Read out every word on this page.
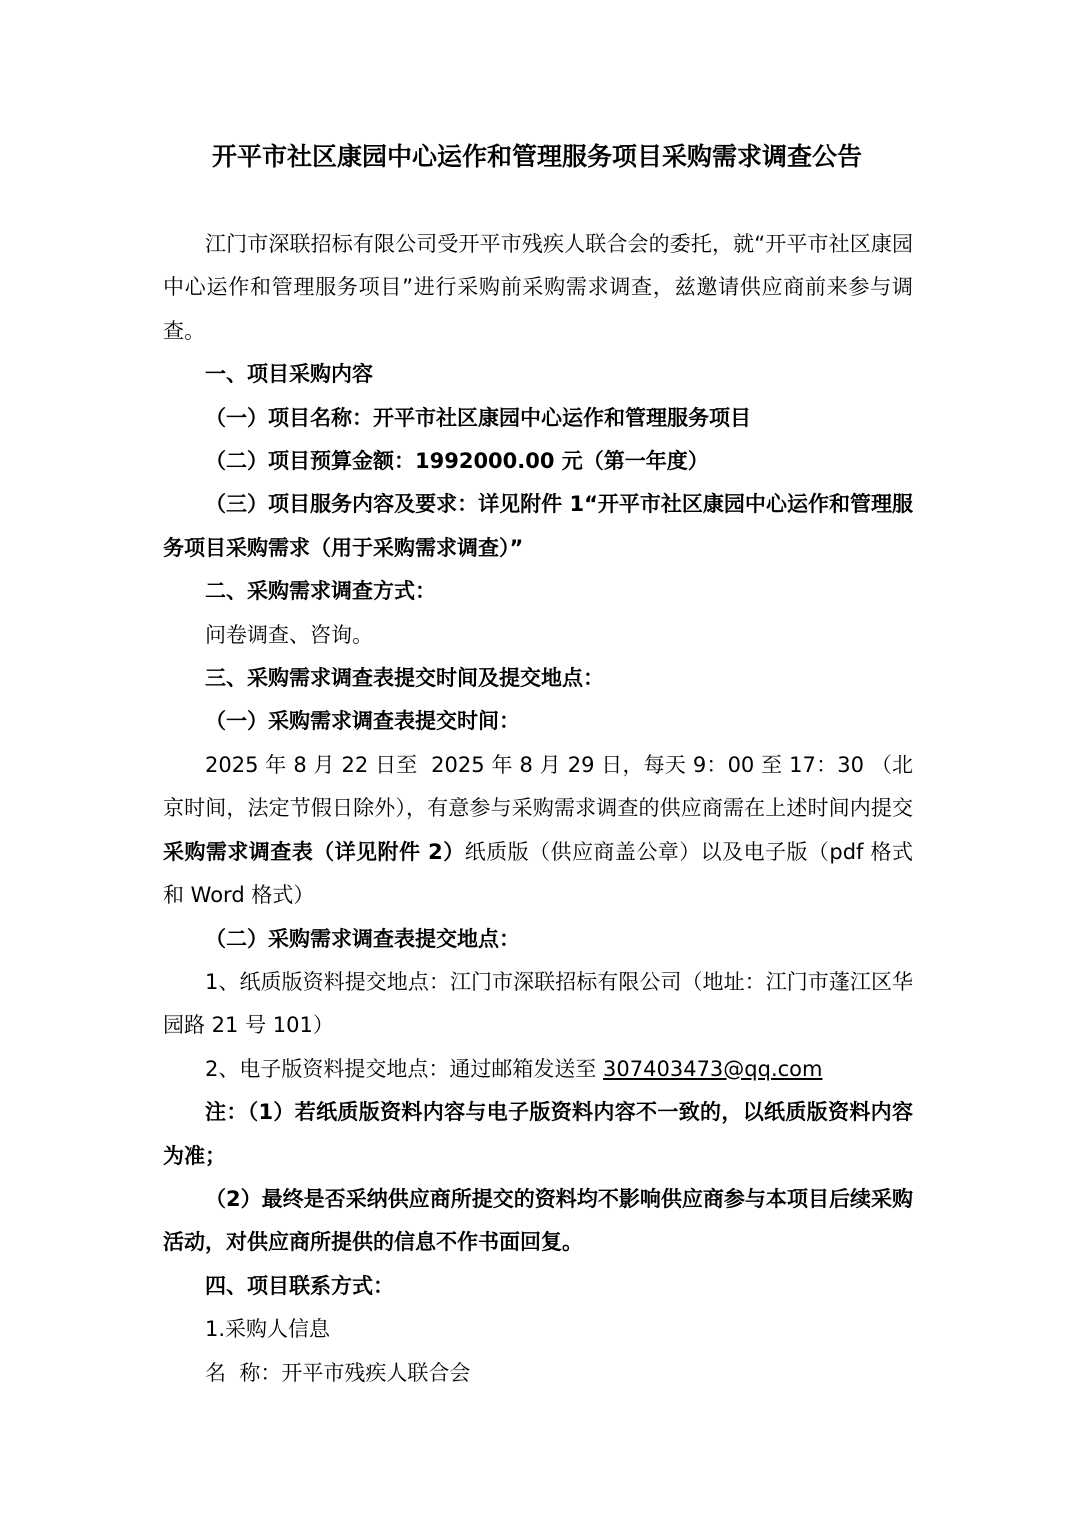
开平市社区康园中心运作和管理服务项目采购需求调查公告

江门市深联招标有限公司受开平市残疾人联合会的委托，就“开平市社区康园中心运作和管理服务项目”进行采购前采购需求调查，兹邀请供应商前来参与调查。

一、项目采购内容

（一）项目名称：开平市社区康园中心运作和管理服务项目

（二）项目预算金额：1992000.00 元（第一年度）

（三）项目服务内容及要求：详见附件 1“开平市社区康园中心运作和管理服务项目采购需求（用于采购需求调查）”

二、采购需求调查方式：

问卷调查、咨询。

三、采购需求调查表提交时间及提交地点：

（一）采购需求调查表提交时间：

2025 年 8 月 22 日至  2025 年 8 月 29 日，每天 9：00 至 17：30 （北京时间，法定节假日除外），有意参与采购需求调查的供应商需在上述时间内提交采购需求调查表（详见附件 2）纸质版（供应商盖公章）以及电子版（pdf 格式和 Word 格式）

（二）采购需求调查表提交地点：

1、纸质版资料提交地点：江门市深联招标有限公司（地址：江门市蓬江区华园路 21 号 101）

2、电子版资料提交地点：通过邮箱发送至 307403473@qq.com

注：（1）若纸质版资料内容与电子版资料内容不一致的，以纸质版资料内容为准；

（2）最终是否采纳供应商所提交的资料均不影响供应商参与本项目后续采购活动，对供应商所提供的信息不作书面回复。

四、项目联系方式：

1.采购人信息

名  称：开平市残疾人联合会
